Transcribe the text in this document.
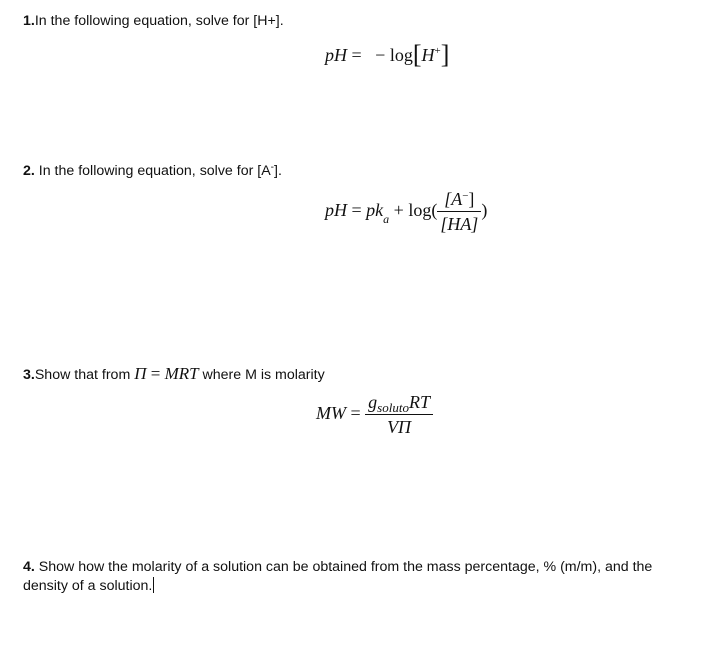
1.In the following equation, solve for [H+].
pH = − log[H+]
2. In the following equation, solve for [A-].
pH = $pk_a + \log( \frac{[A^-]}{[HA]}$ )
3.Show that from Π = MRT where M is molarity
MW = $\frac{g_{soluto}RT}{V\Pi}$
4. Show how the molarity of a solution can be obtained from the mass percentage, % (m/m), and the density of a solution.
